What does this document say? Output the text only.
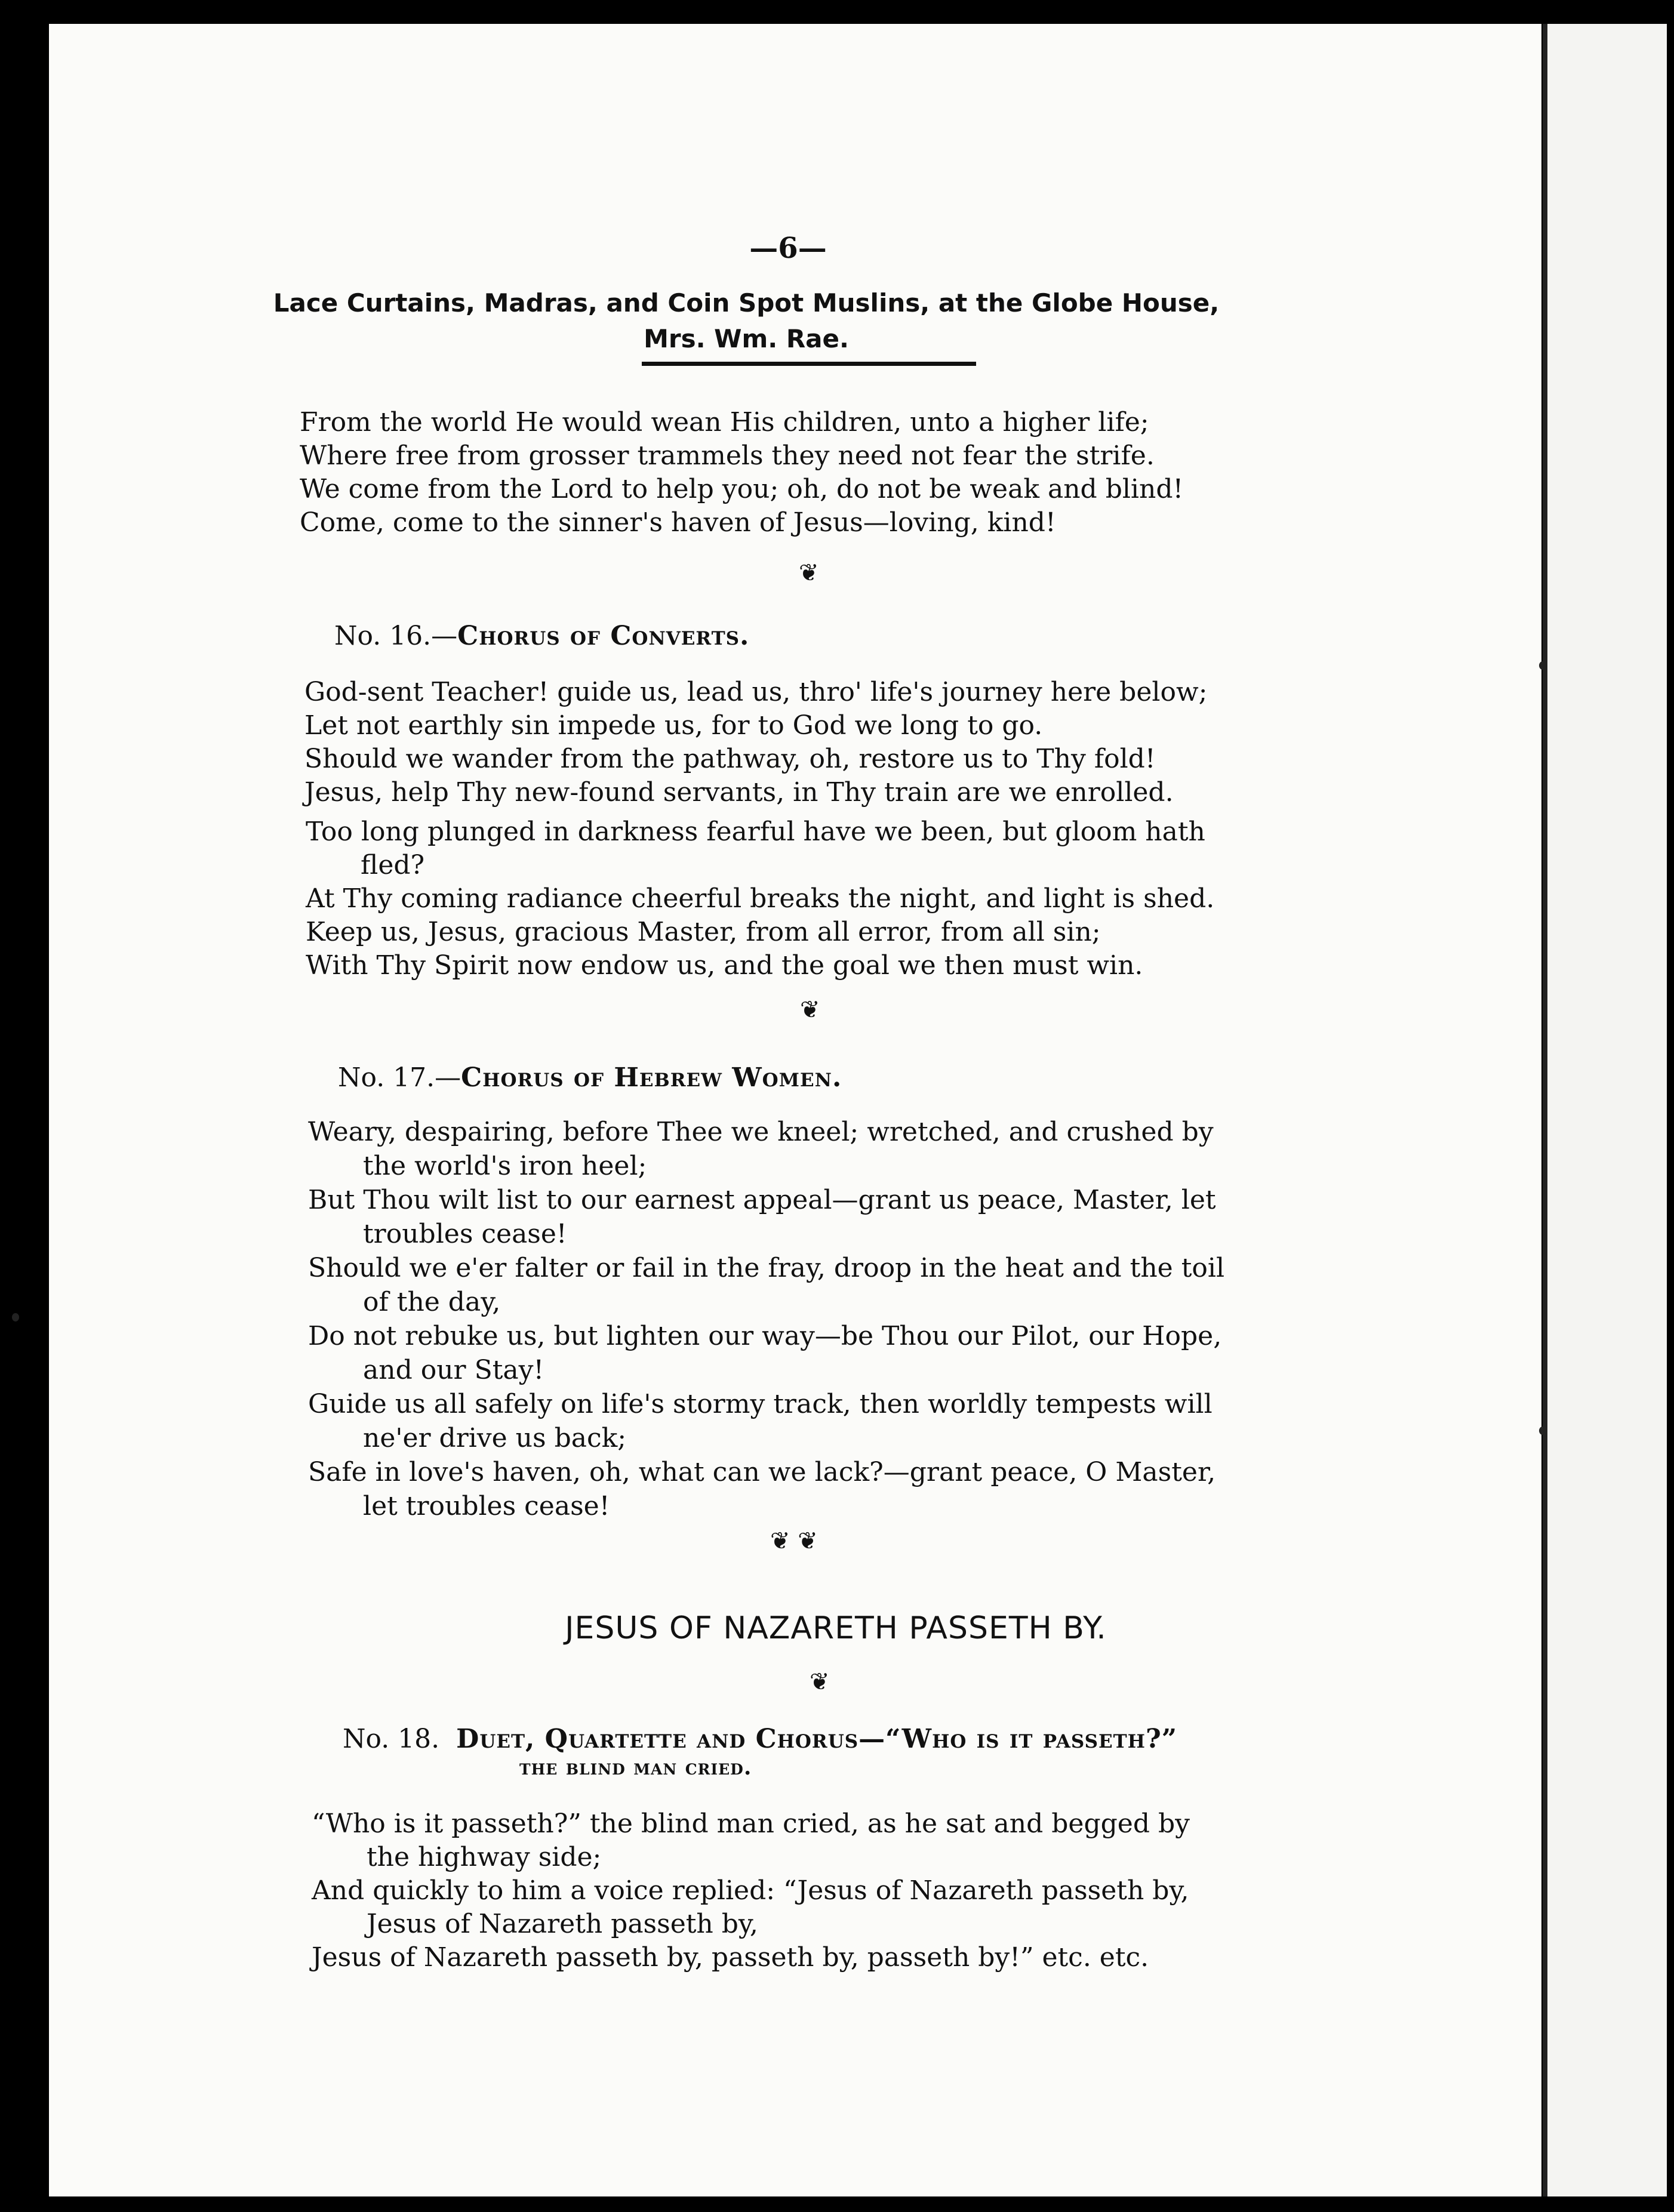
—6—
Lace Curtains, Madras, and Coin Spot Muslins, at the Globe House,
Mrs. Wm. Rae.
From the world He would wean His children, unto a higher life;
Where free from grosser trammels they need not fear the strife.
We come from the Lord to help you; oh, do not be weak and blind!
Come, come to the sinner's haven of Jesus—loving, kind!
❦
No. 16.—Chorus of Converts.
God-sent Teacher! guide us, lead us, thro' life's journey here below;
Let not earthly sin impede us, for to God we long to go.
Should we wander from the pathway, oh, restore us to Thy fold!
Jesus, help Thy new-found servants, in Thy train are we enrolled.
Too long plunged in darkness fearful have we been, but gloom hath
fled?
At Thy coming radiance cheerful breaks the night, and light is shed.
Keep us, Jesus, gracious Master, from all error, from all sin;
With Thy Spirit now endow us, and the goal we then must win.
❦
No. 17.—Chorus of Hebrew Women.
Weary, despairing, before Thee we kneel; wretched, and crushed by
the world's iron heel;
But Thou wilt list to our earnest appeal—grant us peace, Master, let
troubles cease!
Should we e'er falter or fail in the fray, droop in the heat and the toil
of the day,
Do not rebuke us, but lighten our way—be Thou our Pilot, our Hope,
and our Stay!
Guide us all safely on life's stormy track, then worldly tempests will
ne'er drive us back;
Safe in love's haven, oh, what can we lack?—grant peace, O Master,
let troubles cease!
❦ ❦
JESUS OF NAZARETH PASSETH BY.
❦
No. 18. Duet, Quartette and Chorus—“Who is it passeth?”
the blind man cried.
“Who is it passeth?” the blind man cried, as he sat and begged by
the highway side;
And quickly to him a voice replied: “Jesus of Nazareth passeth by,
Jesus of Nazareth passeth by,
Jesus of Nazareth passeth by, passeth by, passeth by!” etc. etc.
